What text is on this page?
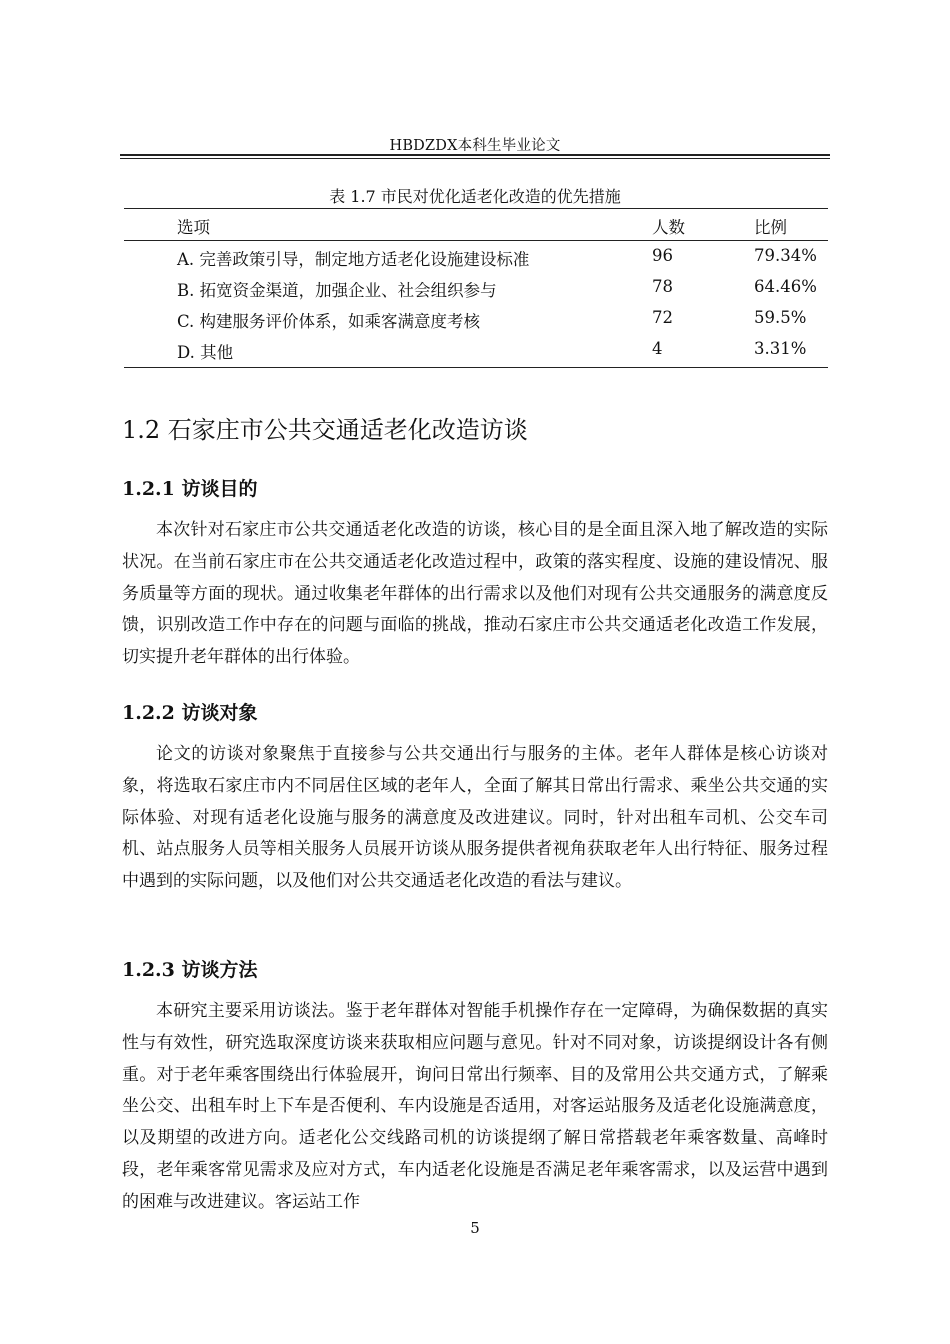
HBDZDX本科生毕业论文
表 1.7 市民对优化适老化改造的优先措施
选项	人数	比例
A. 完善政策引导，制定地方适老化设施建设标准	96	79.34%
B. 拓宽资金渠道，加强企业、社会组织参与	78	64.46%
C. 构建服务评价体系，如乘客满意度考核	72	59.5%
D. 其他	4	3.31%
1.2 石家庄市公共交通适老化改造访谈
1.2.1 访谈目的

本次针对石家庄市公共交通适老化改造的访谈，核心目的是全面且深入地了解改造的实际状况。在当前石家庄市在公共交通适老化改造过程中，政策的落实程度、设施的建设情况、服务质量等方面的现状。通过收集老年群体的出行需求以及他们对现有公共交通服务的满意度反馈，识别改造工作中存在的问题与面临的挑战，推动石家庄市公共交通适老化改造工作发展，切实提升老年群体的出行体验。

1.2.2 访谈对象

论文的访谈对象聚焦于直接参与公共交通出行与服务的主体。老年人群体是核心访谈对象，将选取石家庄市内不同居住区域的老年人，全面了解其日常出行需求、乘坐公共交通的实际体验、对现有适老化设施与服务的满意度及改进建议。同时，针对出租车司机、公交车司机、站点服务人员等相关服务人员展开访谈从服务提供者视角获取老年人出行特征、服务过程中遇到的实际问题，以及他们对公共交通适老化改造的看法与建议。

1.2.3 访谈方法

本研究主要采用访谈法。鉴于老年群体对智能手机操作存在一定障碍，为确保数据的真实性与有效性，研究选取深度访谈来获取相应问题与意见。针对不同对象，访谈提纲设计各有侧重。对于老年乘客围绕出行体验展开，询问日常出行频率、目的及常用公共交通方式，了解乘坐公交、出租车时上下车是否便利、车内设施是否适用，对客运站服务及适老化设施满意度，以及期望的改进方向。适老化公交线路司机的访谈提纲了解日常搭载老年乘客数量、高峰时段，老年乘客常见需求及应对方式，车内适老化设施是否满足老年乘客需求，以及运营中遇到的困难与改进建议。客运站工作

5
